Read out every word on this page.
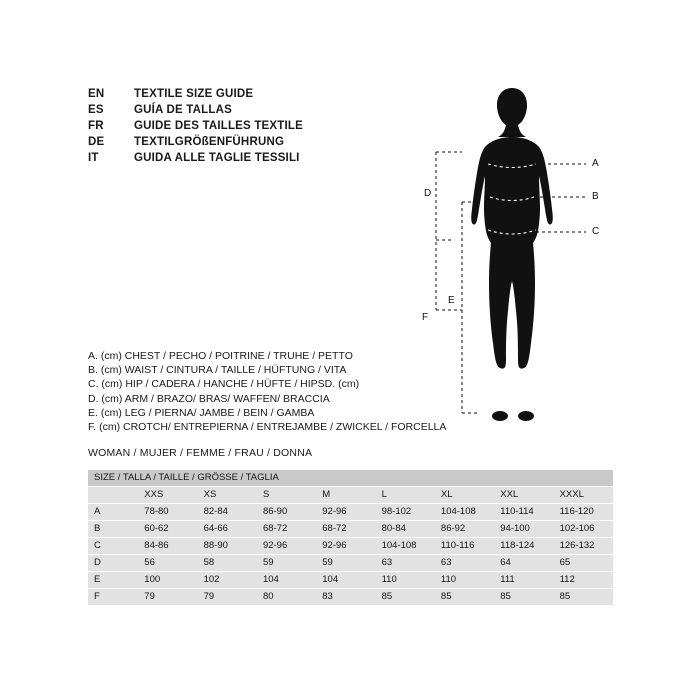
EN	TEXTILE SIZE GUIDE
ES	GUÍA DE TALLAS
FR	GUIDE DES TAILLES TEXTILE
DE	TEXTILGRÖßENFÜHRUNG
IT	GUIDA ALLE TAGLIE TESSILI	A
B
C
D
E
F
A. (cm) CHEST / PECHO / POITRINE / TRUHE / PETTO
B. (cm) WAIST / CINTURA / TAILLE / HÜFTUNG / VITA
C. (cm) HIP / CADERA / HANCHE / HÜFTE / HIPSD. (cm)
D. (cm) ARM / BRAZO/ BRAS/ WAFFEN/ BRACCIA
E. (cm) LEG / PIERNA/ JAMBE / BEIN / GAMBA
F. (cm) CROTCH/ ENTREPIERNA / ENTREJAMBE / ZWICKEL / FORCELLA
WOMAN / MUJER / FEMME / FRAU / DONNA
SIZE / TALLA / TAILLE / GRÖSSE / TAGLIA								
	XXS	XS	S	M	L	XL	XXL	XXXL
A	78-80	82-84	86-90	92-96	98-102	104-108	110-114	116-120
B	60-62	64-66	68-72	68-72	80-84	86-92	94-100	102-106
C	84-86	88-90	92-96	92-96	104-108	110-116	118-124	126-132
D	56	58	59	59	63	63	64	65
E	100	102	104	104	110	110	111	112
F	79	79	80	83	85	85	85	85
